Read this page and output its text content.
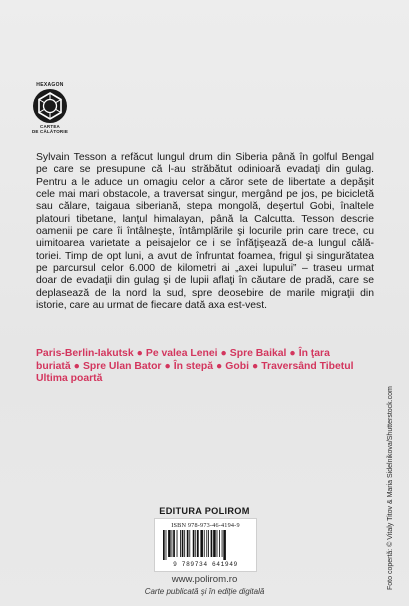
HEXAGON
CARTEA
DE CĂLĂTORIE

Sylvain Tesson a refăcut lungul drum din Siberia până în golful Bengal
pe care se presupune că l-au străbătut odinioară evadaţi din gulag.
Pentru a le aduce un omagiu celor a căror sete de libertate a depăşit
cele mai mari obstacole, a traversat singur, mergând pe jos, pe bicicletă
sau călare, taigaua siberiană, stepa mongolă, deşertul Gobi, înaltele
platouri tibetane, lanţul himalayan, până la Calcutta. Tesson descrie
oamenii pe care îi întâlneşte, întâmplările şi locurile prin care trece, cu
uimitoarea varietate a peisajelor ce i se înfăţişează de-a lungul călă-
toriei. Timp de opt luni, a avut de înfruntat foamea, frigul şi singurătatea
pe parcursul celor 6.000 de kilometri ai „axei lupului” – traseu urmat
doar de evadaţii din gulag şi de lupii aflaţi în căutare de pradă, care se
deplasează de la nord la sud, spre deosebire de marile migraţii din
istorie, care au urmat de fiecare dată axa est-vest.

Paris-Berlin-Iakutsk ● Pe valea Lenei ● Spre Baikal ● În ţara
buriată ● Spre Ulan Bator ● În stepă ● Gobi ● Traversând Tibetul
Ultima poartă
EDITURA POLIROM
ISBN 978-973-46-4194-9
9 789734 641949
www.polirom.ro
Carte publicată şi în ediţie digitală
Foto copertă: © Vitaly Titov & Maria Sidelnikova/Shutterstock.com
